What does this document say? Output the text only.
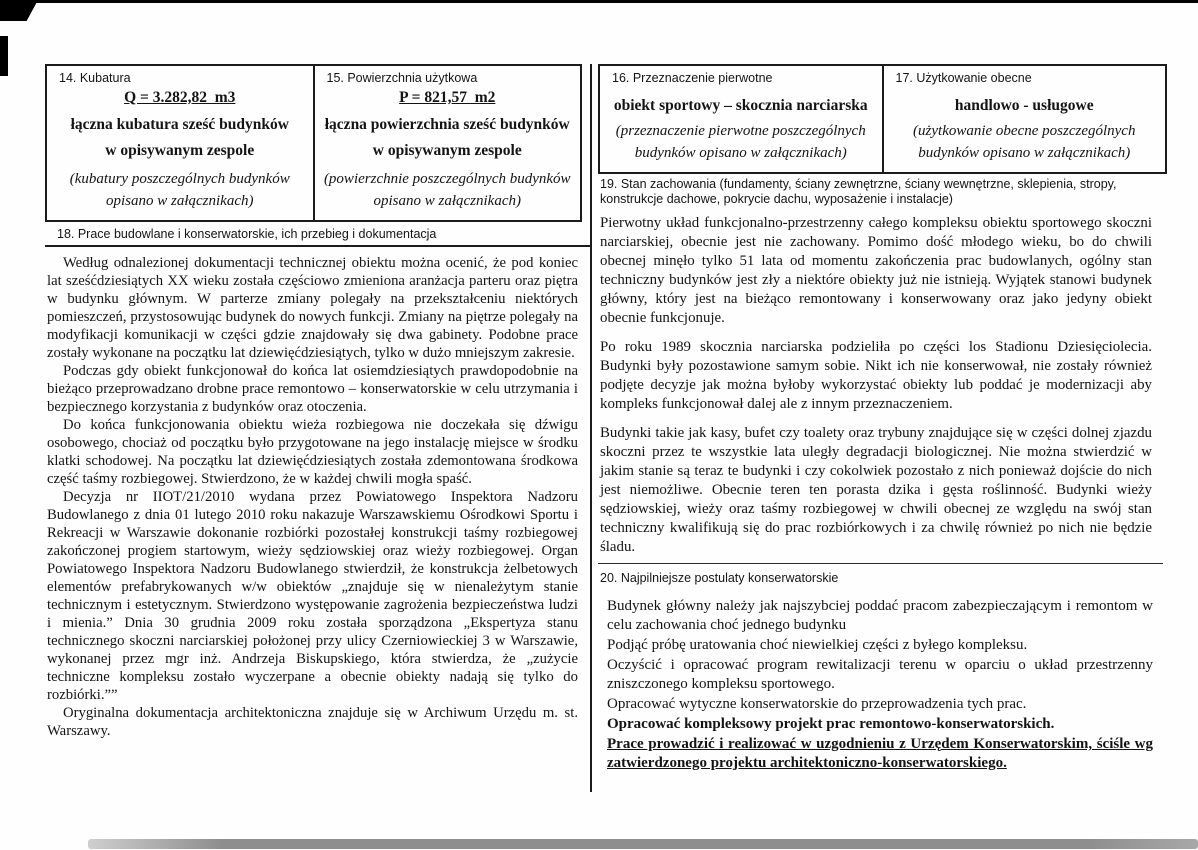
14. Kubatura
Q = 3.282,82  m3
łączna kubatura sześć budynków
w opisywanym zespole
(kubatury poszczególnych budynków
opisano w załącznikach)
15. Powierzchnia użytkowa
P = 821,57  m2
łączna powierzchnia sześć budynków
w opisywanym zespole
(powierzchnie poszczególnych budynków
opisano w załącznikach)
16. Przeznaczenie pierwotne
obiekt sportowy – skocznia narciarska
(przeznaczenie pierwotne poszczególnych
budynków opisano w załącznikach)
17. Użytkowanie obecne
handlowo - usługowe
(użytkowanie obecne poszczególnych
budynków opisano w załącznikach)
18. Prace budowlane i konserwatorskie, ich przebieg i dokumentacja

Według odnalezionej dokumentacji technicznej obiektu można ocenić, że pod koniec lat sześćdziesiątych XX wieku została częściowo zmieniona aranżacja parteru oraz piętra w budynku głównym. W parterze zmiany polegały na przekształceniu niektórych pomieszczeń, przystosowując budynek do nowych funkcji. Zmiany na piętrze polegały na modyfikacji komunikacji w części gdzie znajdowały się dwa gabinety. Podobne prace zostały wykonane na początku lat dziewięćdziesiątych, tylko w dużo mniejszym zakresie.

Podczas gdy obiekt funkcjonował do końca lat osiemdziesiątych prawdopodobnie na bieżąco przeprowadzano drobne prace remontowo – konserwatorskie w celu utrzymania i bezpiecznego korzystania z budynków oraz otoczenia.

Do końca funkcjonowania obiektu wieża rozbiegowa nie doczekała się dźwigu osobowego, chociaż od początku było przygotowane na jego instalację miejsce w środku klatki schodowej. Na początku lat dziewięćdziesiątych została zdemontowana środkowa część taśmy rozbiegowej. Stwierdzono, że w każdej chwili mogła spaść.

Decyzja nr IIOT/21/2010 wydana przez Powiatowego Inspektora Nadzoru Budowlanego z dnia 01 lutego 2010 roku nakazuje Warszawskiemu Ośrodkowi Sportu i Rekreacji w Warszawie dokonanie rozbiórki pozostałej konstrukcji taśmy rozbiegowej zakończonej progiem startowym, wieży sędziowskiej oraz wieży rozbiegowej. Organ Powiatowego Inspektora Nadzoru Budowlanego stwierdził, że konstrukcja żelbetowych elementów prefabrykowanych w/w obiektów „znajduje się w nienależytym stanie technicznym i estetycznym. Stwierdzono występowanie zagrożenia bezpieczeństwa ludzi i mienia.” Dnia 30 grudnia 2009 roku została sporządzona „Ekspertyza stanu technicznego skoczni narciarskiej położonej przy ulicy Czerniowieckiej 3 w Warszawie, wykonanej przez mgr inż. Andrzeja Biskupskiego, która stwierdza, że „zużycie techniczne kompleksu zostało wyczerpane a obecnie obiekty nadają się tylko do rozbiórki.””

Oryginalna dokumentacja architektoniczna znajduje się w Archiwum Urzędu m. st. Warszawy.

19. Stan zachowania (fundamenty, ściany zewnętrzne, ściany wewnętrzne, sklepienia, stropy, konstrukcje dachowe, pokrycie dachu, wyposażenie i instalacje)

Pierwotny układ funkcjonalno-przestrzenny całego kompleksu obiektu sportowego skoczni narciarskiej, obecnie jest nie zachowany. Pomimo dość młodego wieku, bo do chwili obecnej minęło tylko 51 lata od momentu zakończenia prac budowlanych, ogólny stan techniczny budynków jest zły a niektóre obiekty już nie istnieją. Wyjątek stanowi budynek główny, który jest na bieżąco remontowany i konserwowany oraz jako jedyny obiekt obecnie funkcjonuje.

Po roku 1989 skocznia narciarska podzieliła po części los Stadionu Dziesięciolecia. Budynki były pozostawione samym sobie. Nikt ich nie konserwował, nie zostały również podjęte decyzje jak można byłoby wykorzystać obiekty lub poddać je modernizacji aby kompleks funkcjonował dalej ale z innym przeznaczeniem.

Budynki takie jak kasy, bufet czy toalety oraz trybuny znajdujące się w części dolnej zjazdu skoczni przez te wszystkie lata uległy degradacji biologicznej. Nie można stwierdzić w jakim stanie są teraz te budynki i czy cokolwiek pozostało z nich ponieważ dojście do nich jest niemożliwe. Obecnie teren ten porasta dzika i gęsta roślinność. Budynki wieży sędziowskiej, wieży oraz taśmy rozbiegowej w chwili obecnej ze względu na swój stan techniczny kwalifikują się do prac rozbiórkowych i za chwilę również po nich nie będzie śladu.

20. Najpilniejsze postulaty konserwatorskie

Budynek główny należy jak najszybciej poddać pracom zabezpieczającym i remontom w celu zachowania choć jednego budynku

Podjąć próbę uratowania choć niewielkiej części z byłego kompleksu.

Oczyścić i opracować program rewitalizacji terenu w oparciu o układ przestrzenny zniszczonego kompleksu sportowego.

Opracować wytyczne konserwatorskie do przeprowadzenia tych prac.

Opracować kompleksowy projekt prac remontowo-konserwatorskich.

Prace prowadzić i realizować w uzgodnieniu z Urzędem Konserwatorskim, ściśle wg zatwierdzonego projektu architektoniczno-konserwatorskiego.
